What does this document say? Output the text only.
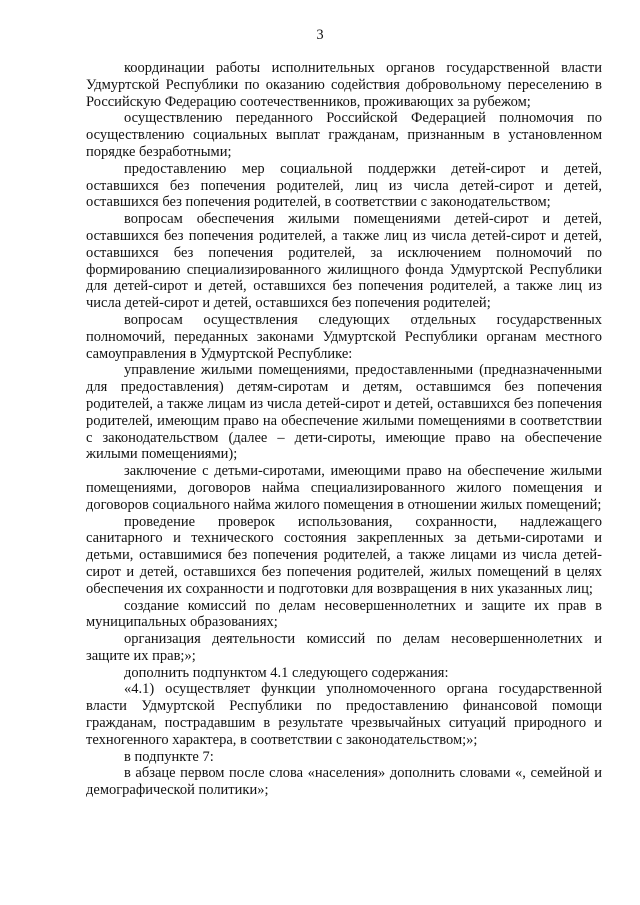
3

координации работы исполнительных органов государственной власти Удмуртской Республики по оказанию содействия добровольному переселению в Российскую Федерацию соотечественников, проживающих за рубежом;

осуществлению переданного Российской Федерацией полномочия по осуществлению социальных выплат гражданам, признанным в установленном порядке безработными;

предоставлению мер социальной поддержки детей-сирот и детей, оставшихся без попечения родителей, лиц из числа детей-сирот и детей, оставшихся без попечения родителей, в соответствии с законодательством;

вопросам обеспечения жилыми помещениями детей-сирот и детей, оставшихся без попечения родителей, а также лиц из числа детей-сирот и детей, оставшихся без попечения родителей, за исключением полномочий по формированию специализированного жилищного фонда Удмуртской Республики для детей-сирот и детей, оставшихся без попечения родителей, а также лиц из числа детей-сирот и детей, оставшихся без попечения родителей;

вопросам осуществления следующих отдельных государственных полномочий, переданных законами Удмуртской Республики органам местного самоуправления в Удмуртской Республике:

управление жилыми помещениями, предоставленными (предназначенными для предоставления) детям-сиротам и детям, оставшимся без попечения родителей, а также лицам из числа детей-сирот и детей, оставшихся без попечения родителей, имеющим право на обеспечение жилыми помещениями в соответствии с законодательством (далее – дети-сироты, имеющие право на обеспечение жилыми помещениями);

заключение с детьми-сиротами, имеющими право на обеспечение жилыми помещениями, договоров найма специализированного жилого помещения и договоров социального найма жилого помещения в отношении жилых помещений;

проведение проверок использования, сохранности, надлежащего санитарного и технического состояния закрепленных за детьми-сиротами и детьми, оставшимися без попечения родителей, а также лицами из числа детей-сирот и детей, оставшихся без попечения родителей, жилых помещений в целях обеспечения их сохранности и подготовки для возвращения в них указанных лиц;

создание комиссий по делам несовершеннолетних и защите их прав в муниципальных образованиях;

организация деятельности комиссий по делам несовершеннолетних и защите их прав;»;

дополнить подпунктом 4.1 следующего содержания:

«4.1) осуществляет функции уполномоченного органа государственной власти Удмуртской Республики по предоставлению финансовой помощи гражданам, пострадавшим в результате чрезвычайных ситуаций природного и техногенного характера, в соответствии с законодательством;»;

в подпункте 7:

в абзаце первом после слова «населения» дополнить словами «, семейной и демографической политики»;
